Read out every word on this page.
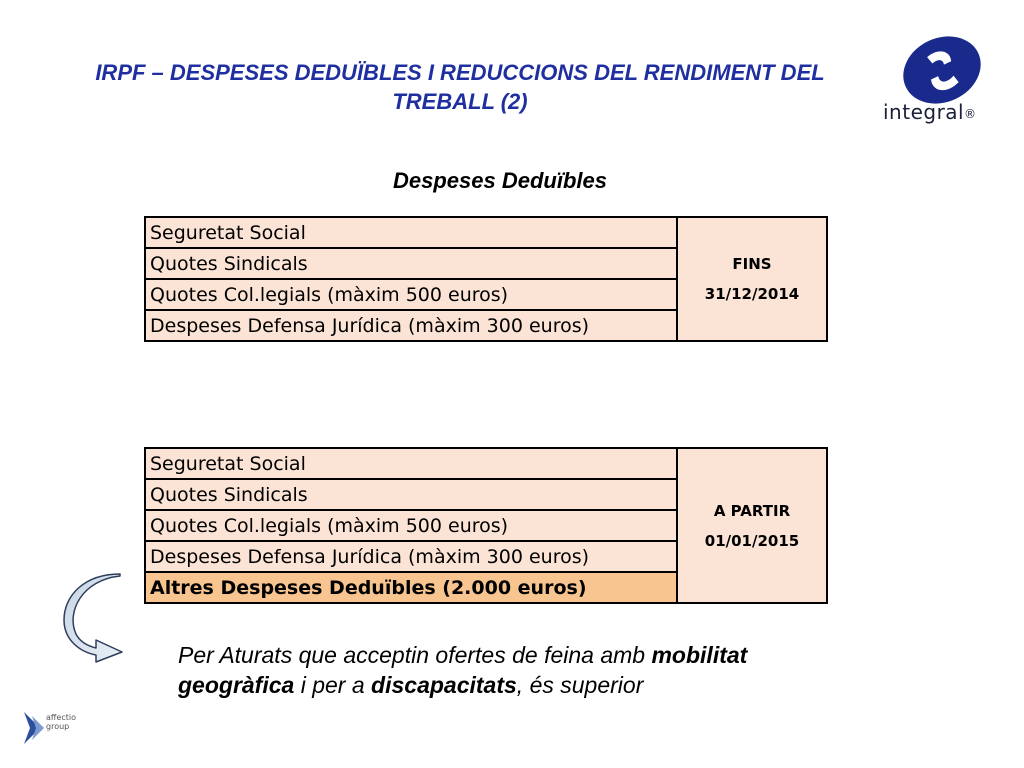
IRPF – DESPESES DEDUÏBLES I REDUCCIONS DEL RENDIMENT DEL
TREBALL (2)	integral ®
Despeses Deduïbles
Seguretat Social	
FINS
31/12/2014

Quotes Sindicals
Quotes Col.legials (màxim 500 euros)
Despeses Defensa Jurídica (màxim 300 euros)
Seguretat Social	
A PARTIR
01/01/2015

Quotes Sindicals
Quotes Col.legials (màxim 500 euros)
Despeses Defensa Jurídica (màxim 300 euros)
Altres Despeses Deduïbles (2.000 euros)
Per Aturats que acceptin ofertes de feina amb mobilitat geogràfica i per a discapacitats, és superior
affectio
group
